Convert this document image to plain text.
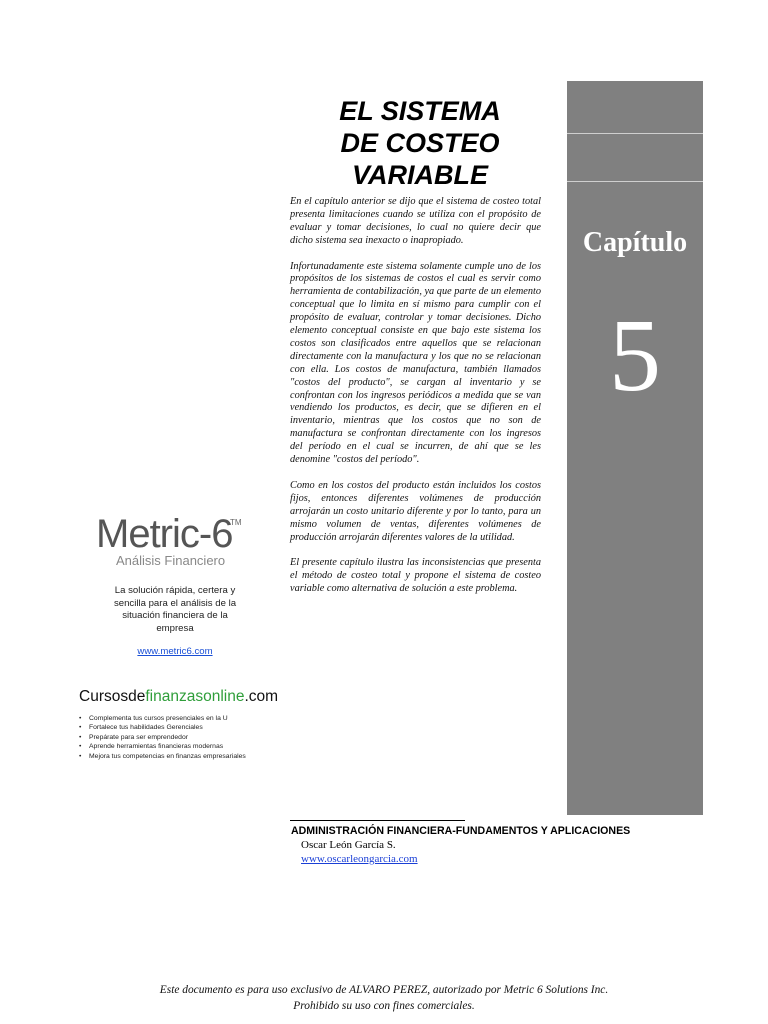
EL SISTEMA
DE COSTEO
VARIABLE
Capítulo
5

En el capítulo anterior se dijo que el sistema de costeo total presenta limitaciones cuando se utiliza con el propósito de evaluar y tomar decisiones, lo cual no quiere decir que dicho sistema sea inexacto o inapropiado.

Infortunadamente este sistema solamente cumple uno de los propósitos de los sistemas de costos el cual es servir como herramienta de contabilización, ya que parte de un elemento conceptual que lo limita en sí mismo para cumplir con el propósito de evaluar, controlar y tomar decisiones. Dicho elemento conceptual consiste en que bajo este sistema los costos son clasificados entre aquellos que se relacionan directamente con la manufactura y los que no se relacionan con ella. Los costos de manufactura, también llamados "costos del producto", se cargan al inventario y se confrontan con los ingresos periódicos a medida que se van vendiendo los productos, es decir, que se difieren en el inventario, mientras que los costos que no son de manufactura se confrontan directamente con los ingresos del período en el cual se incurren, de ahí que se les denomine "costos del período".

Como en los costos del producto están incluidos los costos fijos, entonces diferentes volúmenes de producción arrojarán un costo unitario diferente y por lo tanto, para un mismo volumen de ventas, diferentes volúmenes de producción arrojarán diferentes valores de la utilidad.

El presente capítulo ilustra las inconsistencias que presenta el método de costeo total y propone el sistema de costeo variable como alternativa de solución a este problema.

Metric-6
TM
Análisis Financiero
La solución rápida, certera y
sencilla para el análisis de la
situación financiera de la
empresa
www.metric6.com
Cursosdefinanzasonline.com
• Complementa tus cursos presenciales en la U
• Fortalece tus habilidades Gerenciales
• Prepárate para ser emprendedor
• Aprende herramientas financieras modernas
• Mejora tus competencias en finanzas empresariales
ADMINISTRACIÓN FINANCIERA-FUNDAMENTOS Y APLICACIONES
Oscar León García S.
www.oscarleongarcia.com
Este documento es para uso exclusivo de ALVARO PEREZ, autorizado por Metric 6 Solutions Inc.
Prohibido su uso con fines comerciales.
